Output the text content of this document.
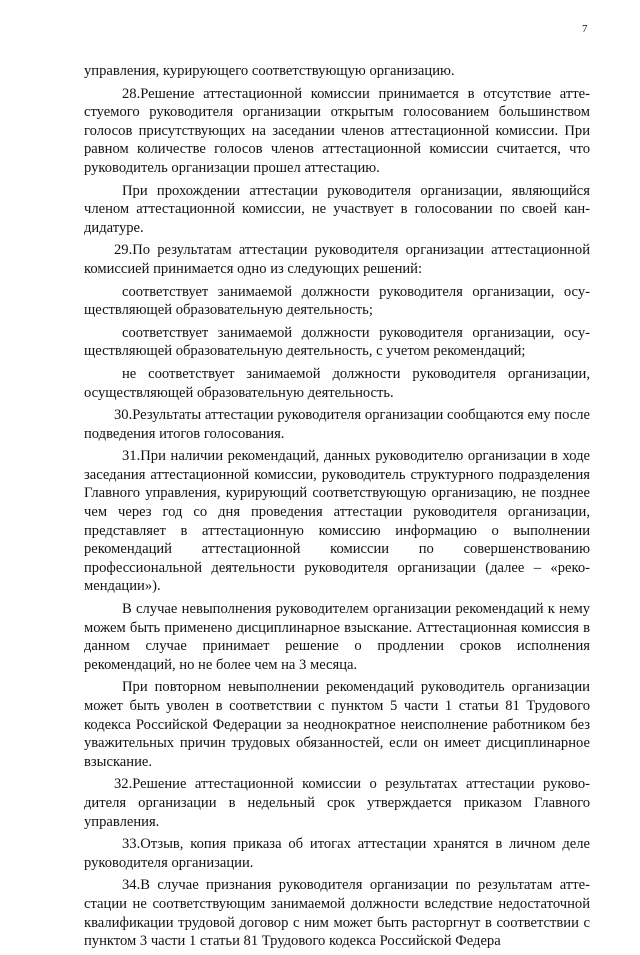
7

управления, курирующего соответствующую организацию.

28.Решение аттестационной комиссии принимается в отсутствие аттестуемого руководителя организации открытым голосованием большинством голосов присутствующих на заседании членов аттестационной комиссии. При равном количестве голосов членов аттестационной комиссии считается, что руководитель организации прошел аттестацию.

При прохождении аттестации руководителя организации, являющийся членом аттестационной комиссии, не участвует в голосовании по своей кандидатуре.

29.По результатам аттестации руководителя организации аттестационной комиссией принимается одно из следующих решений:

соответствует занимаемой должности руководителя организации, осуществляющей образовательную деятельность;

соответствует занимаемой должности руководителя организации, осуществляющей образовательную деятельность, с учетом рекомендаций;

не соответствует занимаемой должности руководителя организации, осуществляющей образовательную деятельность.

30.Результаты аттестации руководителя организации сообщаются ему после подведения итогов голосования.

31.При наличии рекомендаций, данных руководителю организации в ходе заседания аттестационной комиссии, руководитель структурного подразделения Главного управления, курирующий соответствующую организацию, не позднее чем через год со дня проведения аттестации руководителя организации, представляет в аттестационную комиссию информацию о выполнении рекомендаций аттестационной комиссии по совершенствованию профессиональной деятельности руководителя организации (далее – «рекомендации»).

В случае невыполнения руководителем организации рекомендаций к нему можем быть применено дисциплинарное взыскание. Аттестационная комиссия в данном случае принимает решение о продлении сроков исполнения рекомендаций, но не более чем на 3 месяца.

При повторном невыполнении рекомендаций руководитель организации может быть уволен в соответствии с пунктом 5 части 1 статьи 81 Трудового кодекса Российской Федерации за неоднократное неисполнение работником без уважительных причин трудовых обязанностей, если он имеет дисциплинарное взыскание.

32.Решение аттестационной комиссии о результатах аттестации руководителя организации в недельный срок утверждается приказом Главного управления.

33.Отзыв, копия приказа об итогах аттестации хранятся в личном деле руководителя организации.

34.В случае признания руководителя организации по результатам аттестации не соответствующим занимаемой должности вследствие недостаточной квалификации трудовой договор с ним может быть расторгнут в соответствии с пунктом 3 части 1 статьи 81 Трудового кодекса Российской Федера
